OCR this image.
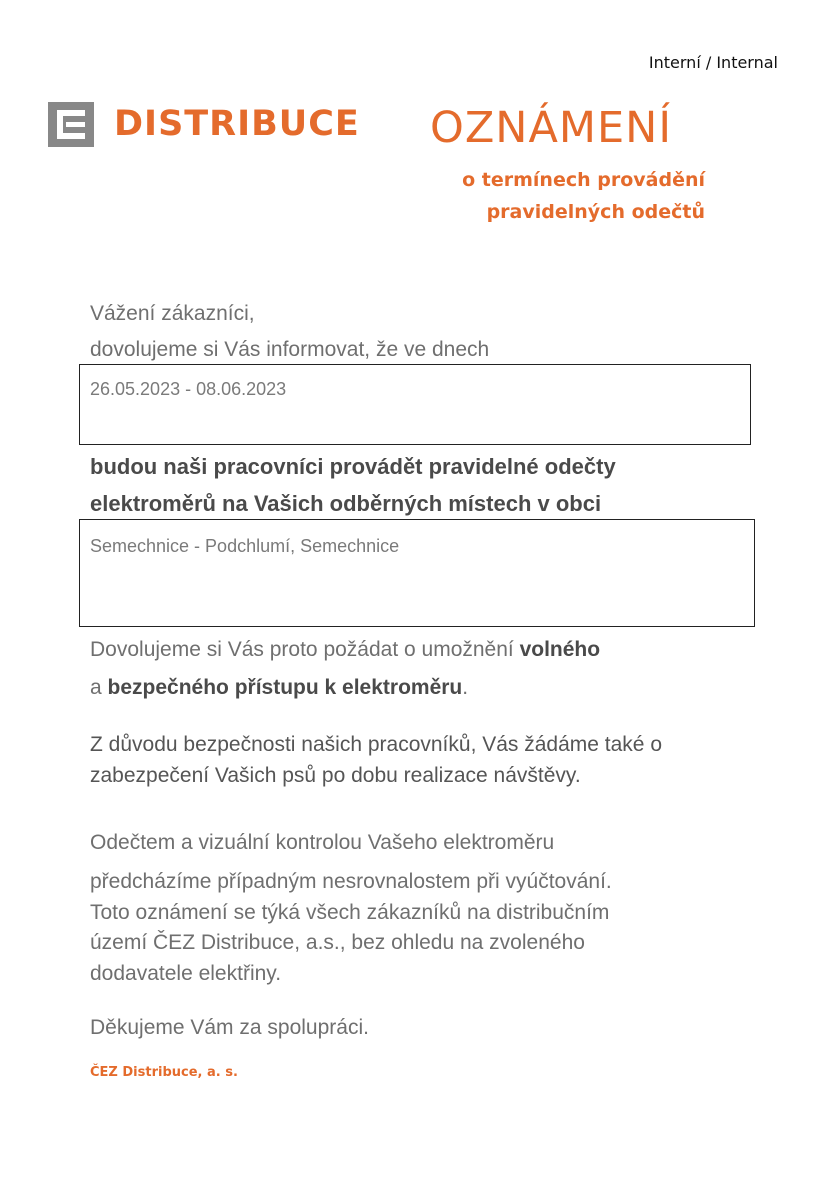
Interní / Internal
DISTRIBUCE OZNÁMENÍ
o termínech provádění
pravidelných odečtů
Vážení zákazníci,
dovolujeme si Vás informovat, že ve dnech
26.05.2023 - 08.06.2023
budou naši pracovníci provádět pravidelné odečty
elektroměrů na Vašich odběrných místech v obci
Semechnice - Podchlumí, Semechnice
Dovolujeme si Vás proto požádat o umožnění volného
a bezpečného přístupu k elektroměru.
Z důvodu bezpečnosti našich pracovníků, Vás žádáme také o
zabezpečení Vašich psů po dobu realizace návštěvy.
Odečtem a vizuální kontrolou Vašeho elektroměru
předcházíme případným nesrovnalostem při vyúčtování.
Toto oznámení se týká všech zákazníků na distribučním
území ČEZ Distribuce, a.s., bez ohledu na zvoleného
dodavatele elektřiny.
Děkujeme Vám za spolupráci.
ČEZ Distribuce, a. s.
